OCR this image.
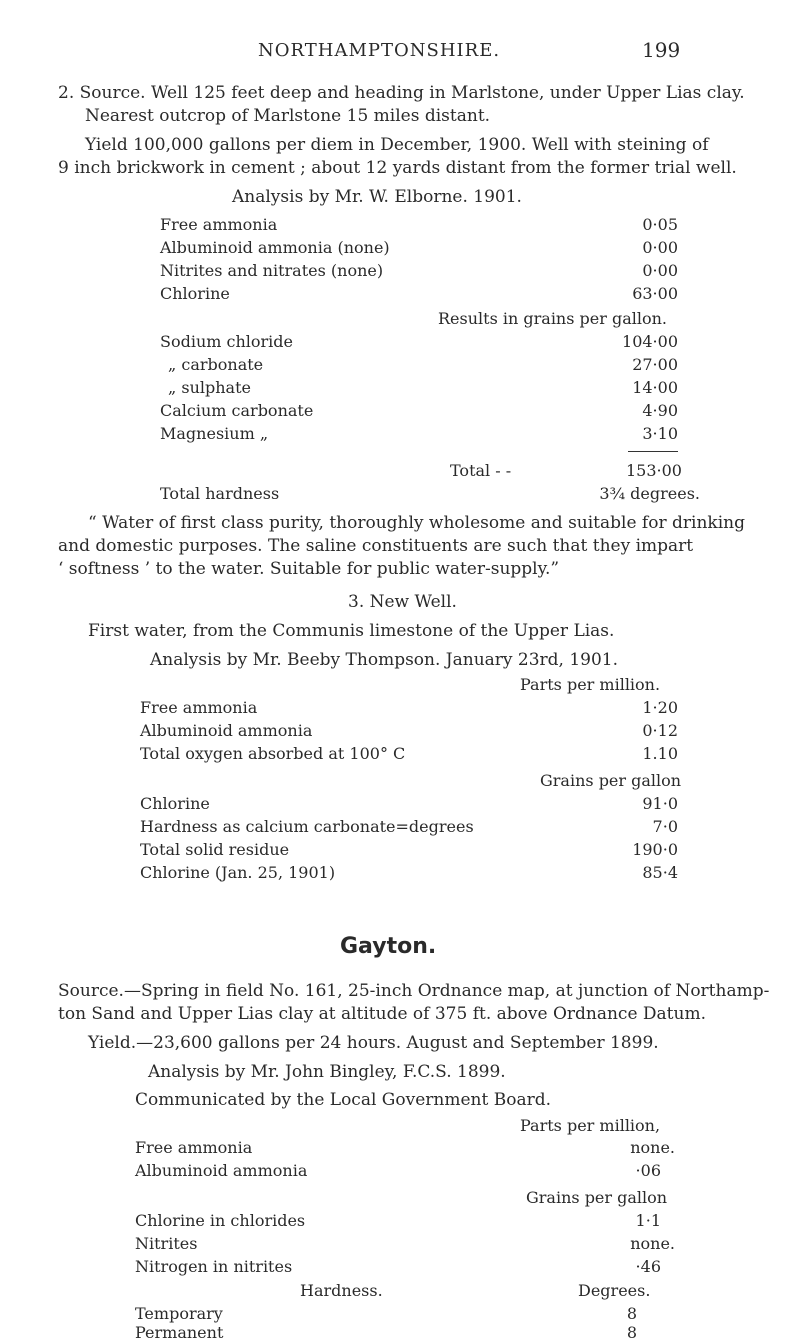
NORTHAMPTONSHIRE.	199
2. Source. Well 125 feet deep and heading in Marlstone, under Upper Lias clay.
Nearest outcrop of Marlstone 15 miles distant.
Yield 100,000 gallons per diem in December, 1900. Well with steining of
9 inch brickwork in cement ; about 12 yards distant from the former trial well.
Analysis by Mr. W. Elborne. 1901.
Free ammonia	0·05
Albuminoid ammonia (none)	0·00
Nitrites and nitrates (none)	0·00
Chlorine	63·00
Results in grains per gallon.
Sodium chloride	104·00
„ carbonate	27·00
„ sulphate	14·00
Calcium carbonate	4·90
Magnesium „	3·10
Total - -	153·00
Total hardness	3¾ degrees.
“ Water of first class purity, thoroughly wholesome and suitable for drinking
and domestic purposes. The saline constituents are such that they impart
‘ softness ’ to the water. Suitable for public water-supply.”
3. New Well.
First water, from the Communis limestone of the Upper Lias.
Analysis by Mr. Beeby Thompson. January 23rd, 1901.
Parts per million.
Free ammonia	1·20
Albuminoid ammonia	0·12
Total oxygen absorbed at 100° C	1.10
Grains per gallon
Chlorine	91·0
Hardness as calcium carbonate=degrees	7·0
Total solid residue	190·0
Chlorine (Jan. 25, 1901)	85·4
Gayton.
Source.—Spring in field No. 161, 25-inch Ordnance map, at junction of Northamp-
ton Sand and Upper Lias clay at altitude of 375 ft. above Ordnance Datum.
Yield.—23,600 gallons per 24 hours. August and September 1899.
Analysis by Mr. John Bingley, F.C.S. 1899.
Communicated by the Local Government Board.
Parts per million,
Free ammonia	none.
Albuminoid ammonia	·06
Grains per gallon
Chlorine in chlorides	1·1
Nitrites	none.
Nitrogen in nitrites	·46
Hardness.	Degrees.
Temporary	8
Permanent	8
